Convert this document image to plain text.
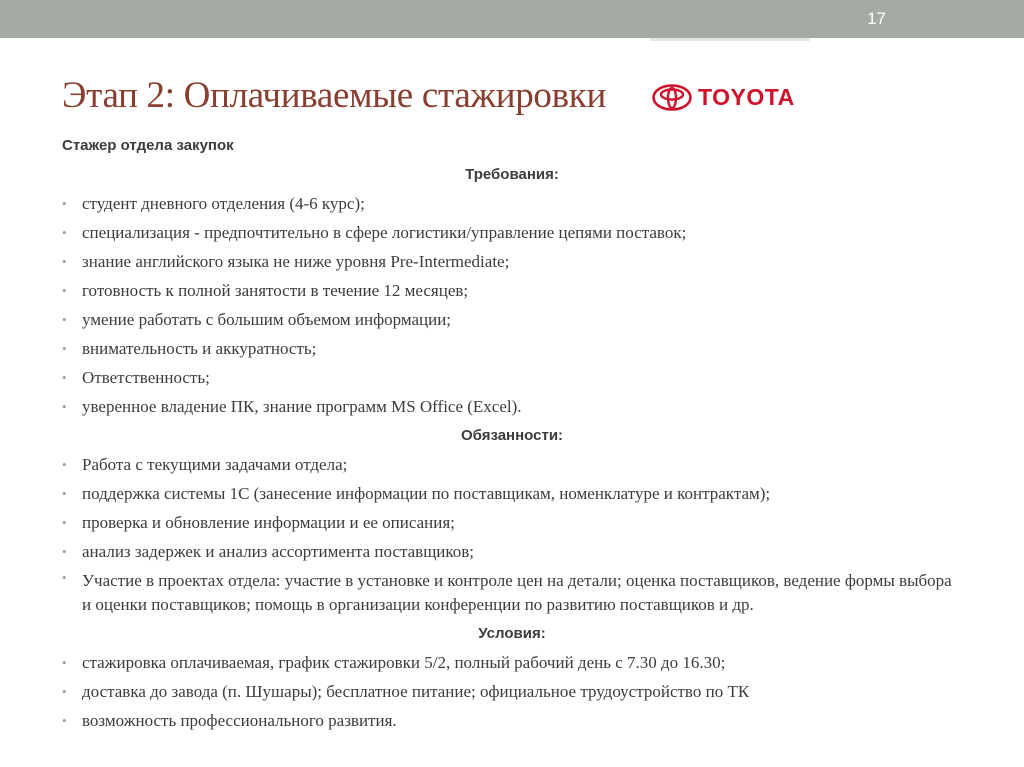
17
Этап 2: Оплачиваемые стажировки	TOYOTA
Стажер отдела закупок
Требования:
• студент дневного отделения (4-6 курс);
• специализация - предпочтительно в сфере логистики/управление цепями поставок;
• знание английского языка не ниже уровня Pre-Intermediate;
• готовность к полной занятости в течение 12 месяцев;
• умение работать с большим объемом информации;
• внимательность и аккуратность;
• Ответственность;
• уверенное владение ПК, знание программ MS Office (Excel).
Обязанности:
• Работа с текущими задачами отдела;
• поддержка системы 1С (занесение информации по поставщикам, номенклатуре и контрактам);
• проверка и обновление информации и ее описания;
• анализ задержек и анализ ассортимента поставщиков;
• Участие в проектах отдела: участие в установке и контроле цен на детали; оценка поставщиков, ведение формы выбора и оценки поставщиков; помощь в организации конференции по развитию поставщиков и др.
Условия:
• стажировка оплачиваемая, график стажировки 5/2, полный рабочий день с 7.30 до 16.30;
• доставка до завода (п. Шушары); бесплатное питание; официальное трудоустройство по ТК
• возможность профессионального развития.
